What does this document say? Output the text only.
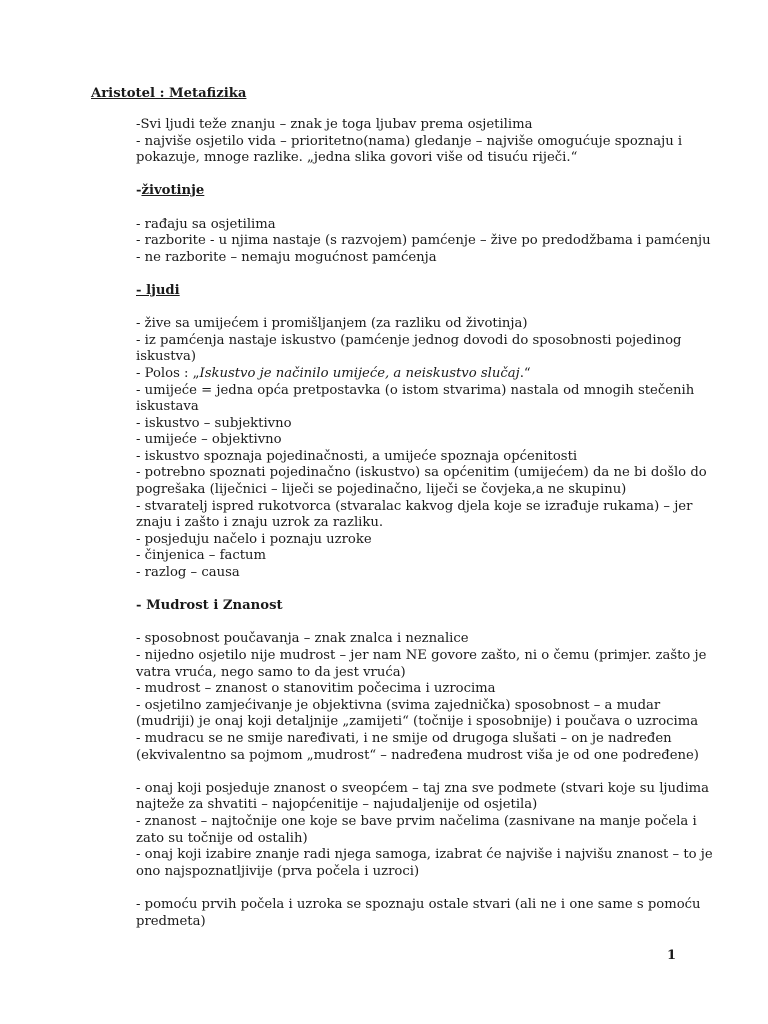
Aristotel : Metafizika
-Svi ljudi teže znanju – znak je toga ljubav prema osjetilima
- najviše osjetilo vida – prioritetno(nama) gledanje – najviše omogućuje spoznaju i
pokazuje, mnoge razlike. „jedna slika govori više od tisuću riječi.“
-životinje
- rađaju sa osjetilima
- razborite - u njima nastaje (s razvojem) pamćenje – žive po predodžbama i pamćenju
- ne razborite – nemaju mogućnost pamćenja
- ljudi
- žive sa umijećem i promišljanjem (za razliku od životinja)
- iz pamćenja nastaje iskustvo (pamćenje jednog dovodi do sposobnosti pojedinog
iskustva)
- Polos : „Iskustvo je načinilo umijeće, a neiskustvo slučaj.“
- umijeće = jedna opća pretpostavka (o istom stvarima) nastala od mnogih stečenih
iskustava
- iskustvo – subjektivno
- umijeće – objektivno
- iskustvo spoznaja pojedinačnosti, a umijeće spoznaja općenitosti
- potrebno spoznati pojedinačno (iskustvo) sa općenitim (umijećem) da ne bi došlo do
pogrešaka (liječnici – liječi se pojedinačno, liječi se čovjeka,a ne skupinu)
- stvaratelj ispred rukotvorca (stvaralac kakvog djela koje se izrađuje rukama) – jer
znaju i zašto i znaju uzrok za razliku.
- posjeduju načelo i poznaju uzroke
- činjenica – factum
- razlog – causa
- Mudrost i Znanost
- sposobnost poučavanja – znak znalca i neznalice
- nijedno osjetilo nije mudrost – jer nam NE govore zašto, ni o čemu (primjer. zašto je
vatra vruća, nego samo to da jest vruća)
- mudrost – znanost o stanovitim počecima i uzrocima
- osjetilno zamjećivanje je objektivna (svima zajednička) sposobnost – a mudar
(mudriji) je onaj koji detaljnije „zamijeti“ (točnije i sposobnije) i poučava o uzrocima
- mudracu se ne smije naređivati, i ne smije od drugoga slušati – on je nadređen
(ekvivalentno sa pojmom „mudrost“ – nadređena mudrost viša je od one podređene)
- onaj koji posjeduje znanost o sveopćem – taj zna sve podmete (stvari koje su ljudima
najteže za shvatiti – najopćenitije – najudaljenije od osjetila)
- znanost – najtočnije one koje se bave prvim načelima (zasnivane na manje počela i
zato su točnije od ostalih)
- onaj koji izabire znanje radi njega samoga, izabrat će najviše i najvišu znanost – to je
ono najspoznatljivije (prva počela i uzroci)
- pomoću prvih počela i uzroka se spoznaju ostale stvari (ali ne i one same s pomoću
predmeta)
1
